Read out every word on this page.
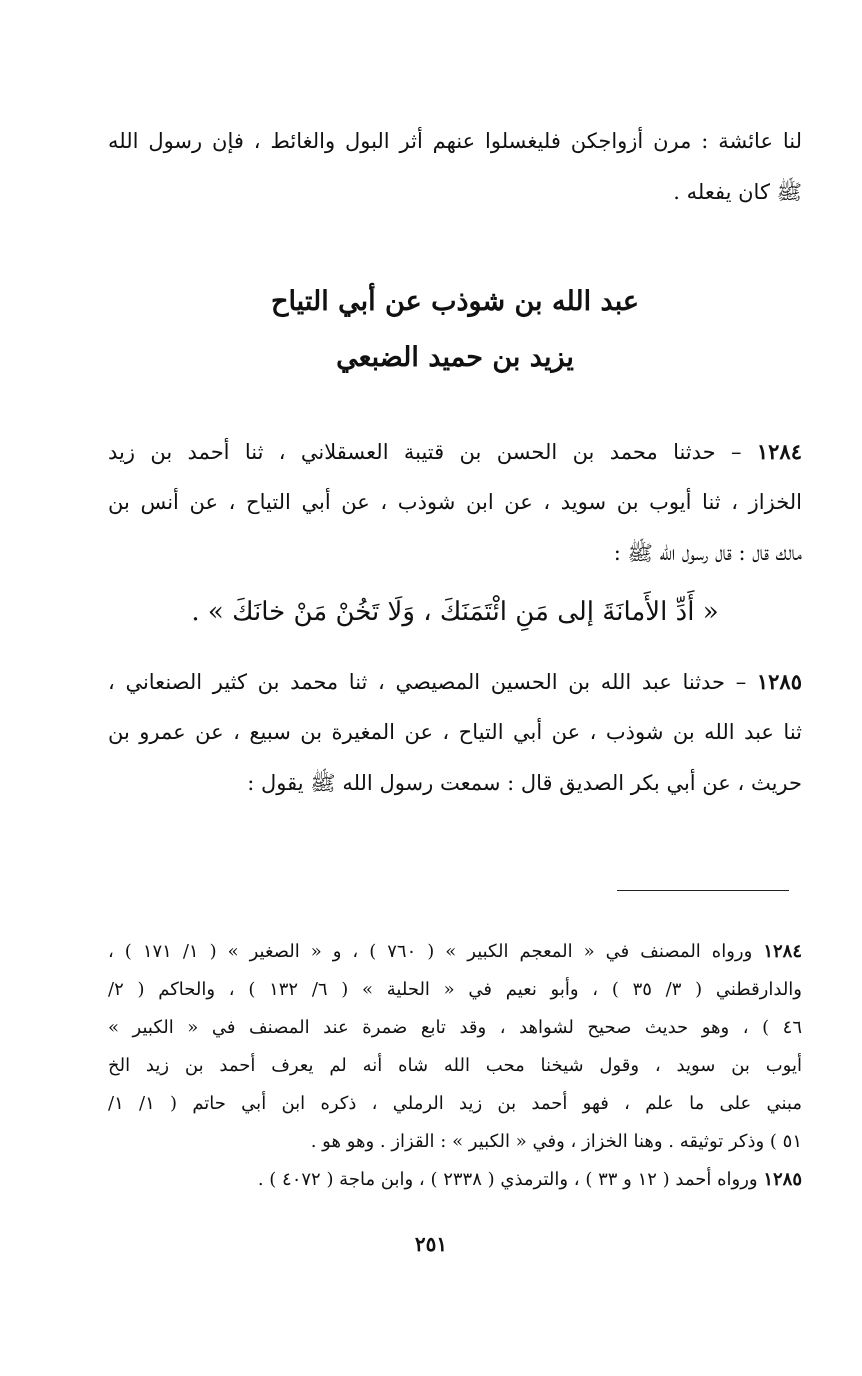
لنا عائشة : مرن أزواجكن فليغسلوا عنهم أثر البول والغائط ، فإن رسول الله
ﷺ كان يفعله .
عبد الله بن شوذب عن أبي التياح
يزيد بن حميد الضبعي
١٢٨٤ – حدثنا محمد بن الحسن بن قتيبة العسقلاني ، ثنا أحمد بن زيد
الخزاز ، ثنا أيوب بن سويد ، عن ابن شوذب ، عن أبي التياح ، عن أنس بن
مالك قال : قال رسول الله ﷺ :
« أَدِّ الأَمانَةَ إلى مَنِ ائْتَمَنَكَ ، وَلَا تَخُنْ مَنْ خانَكَ » .
١٢٨٥ – حدثنا عبد الله بن الحسين المصيصي ، ثنا محمد بن كثير الصنعاني ،
ثنا عبد الله بن شوذب ، عن أبي التياح ، عن المغيرة بن سبيع ، عن عمرو بن
حريث ، عن أبي بكر الصديق قال : سمعت رسول الله ﷺ يقول :
١٢٨٤ ورواه المصنف في « المعجم الكبير » ( ٧٦٠ ) ، و « الصغير » ( ١/ ١٧١ ) ،
والدارقطني ( ٣/ ٣٥ ) ، وأبو نعيم في « الحلية » ( ٦/ ١٣٢ ) ، والحاكم ( ٢/
٤٦ ) ، وهو حديث صحيح لشواهد ، وقد تابع ضمرة عند المصنف في « الكبير »
أيوب بن سويد ، وقول شيخنا محب الله شاه أنه لم يعرف أحمد بن زيد الخ
مبني على ما علم ، فهو أحمد بن زيد الرملي ، ذكره ابن أبي حاتم ( ١/ ١/
٥١ ) وذكر توثيقه . وهنا الخزاز ، وفي « الكبير » : القزاز . وهو هو .
١٢٨٥ ورواه أحمد ( ١٢ و ٣٣ ) ، والترمذي ( ٢٣٣٨ ) ، وابن ماجة ( ٤٠٧٢ ) .
٢٥١
